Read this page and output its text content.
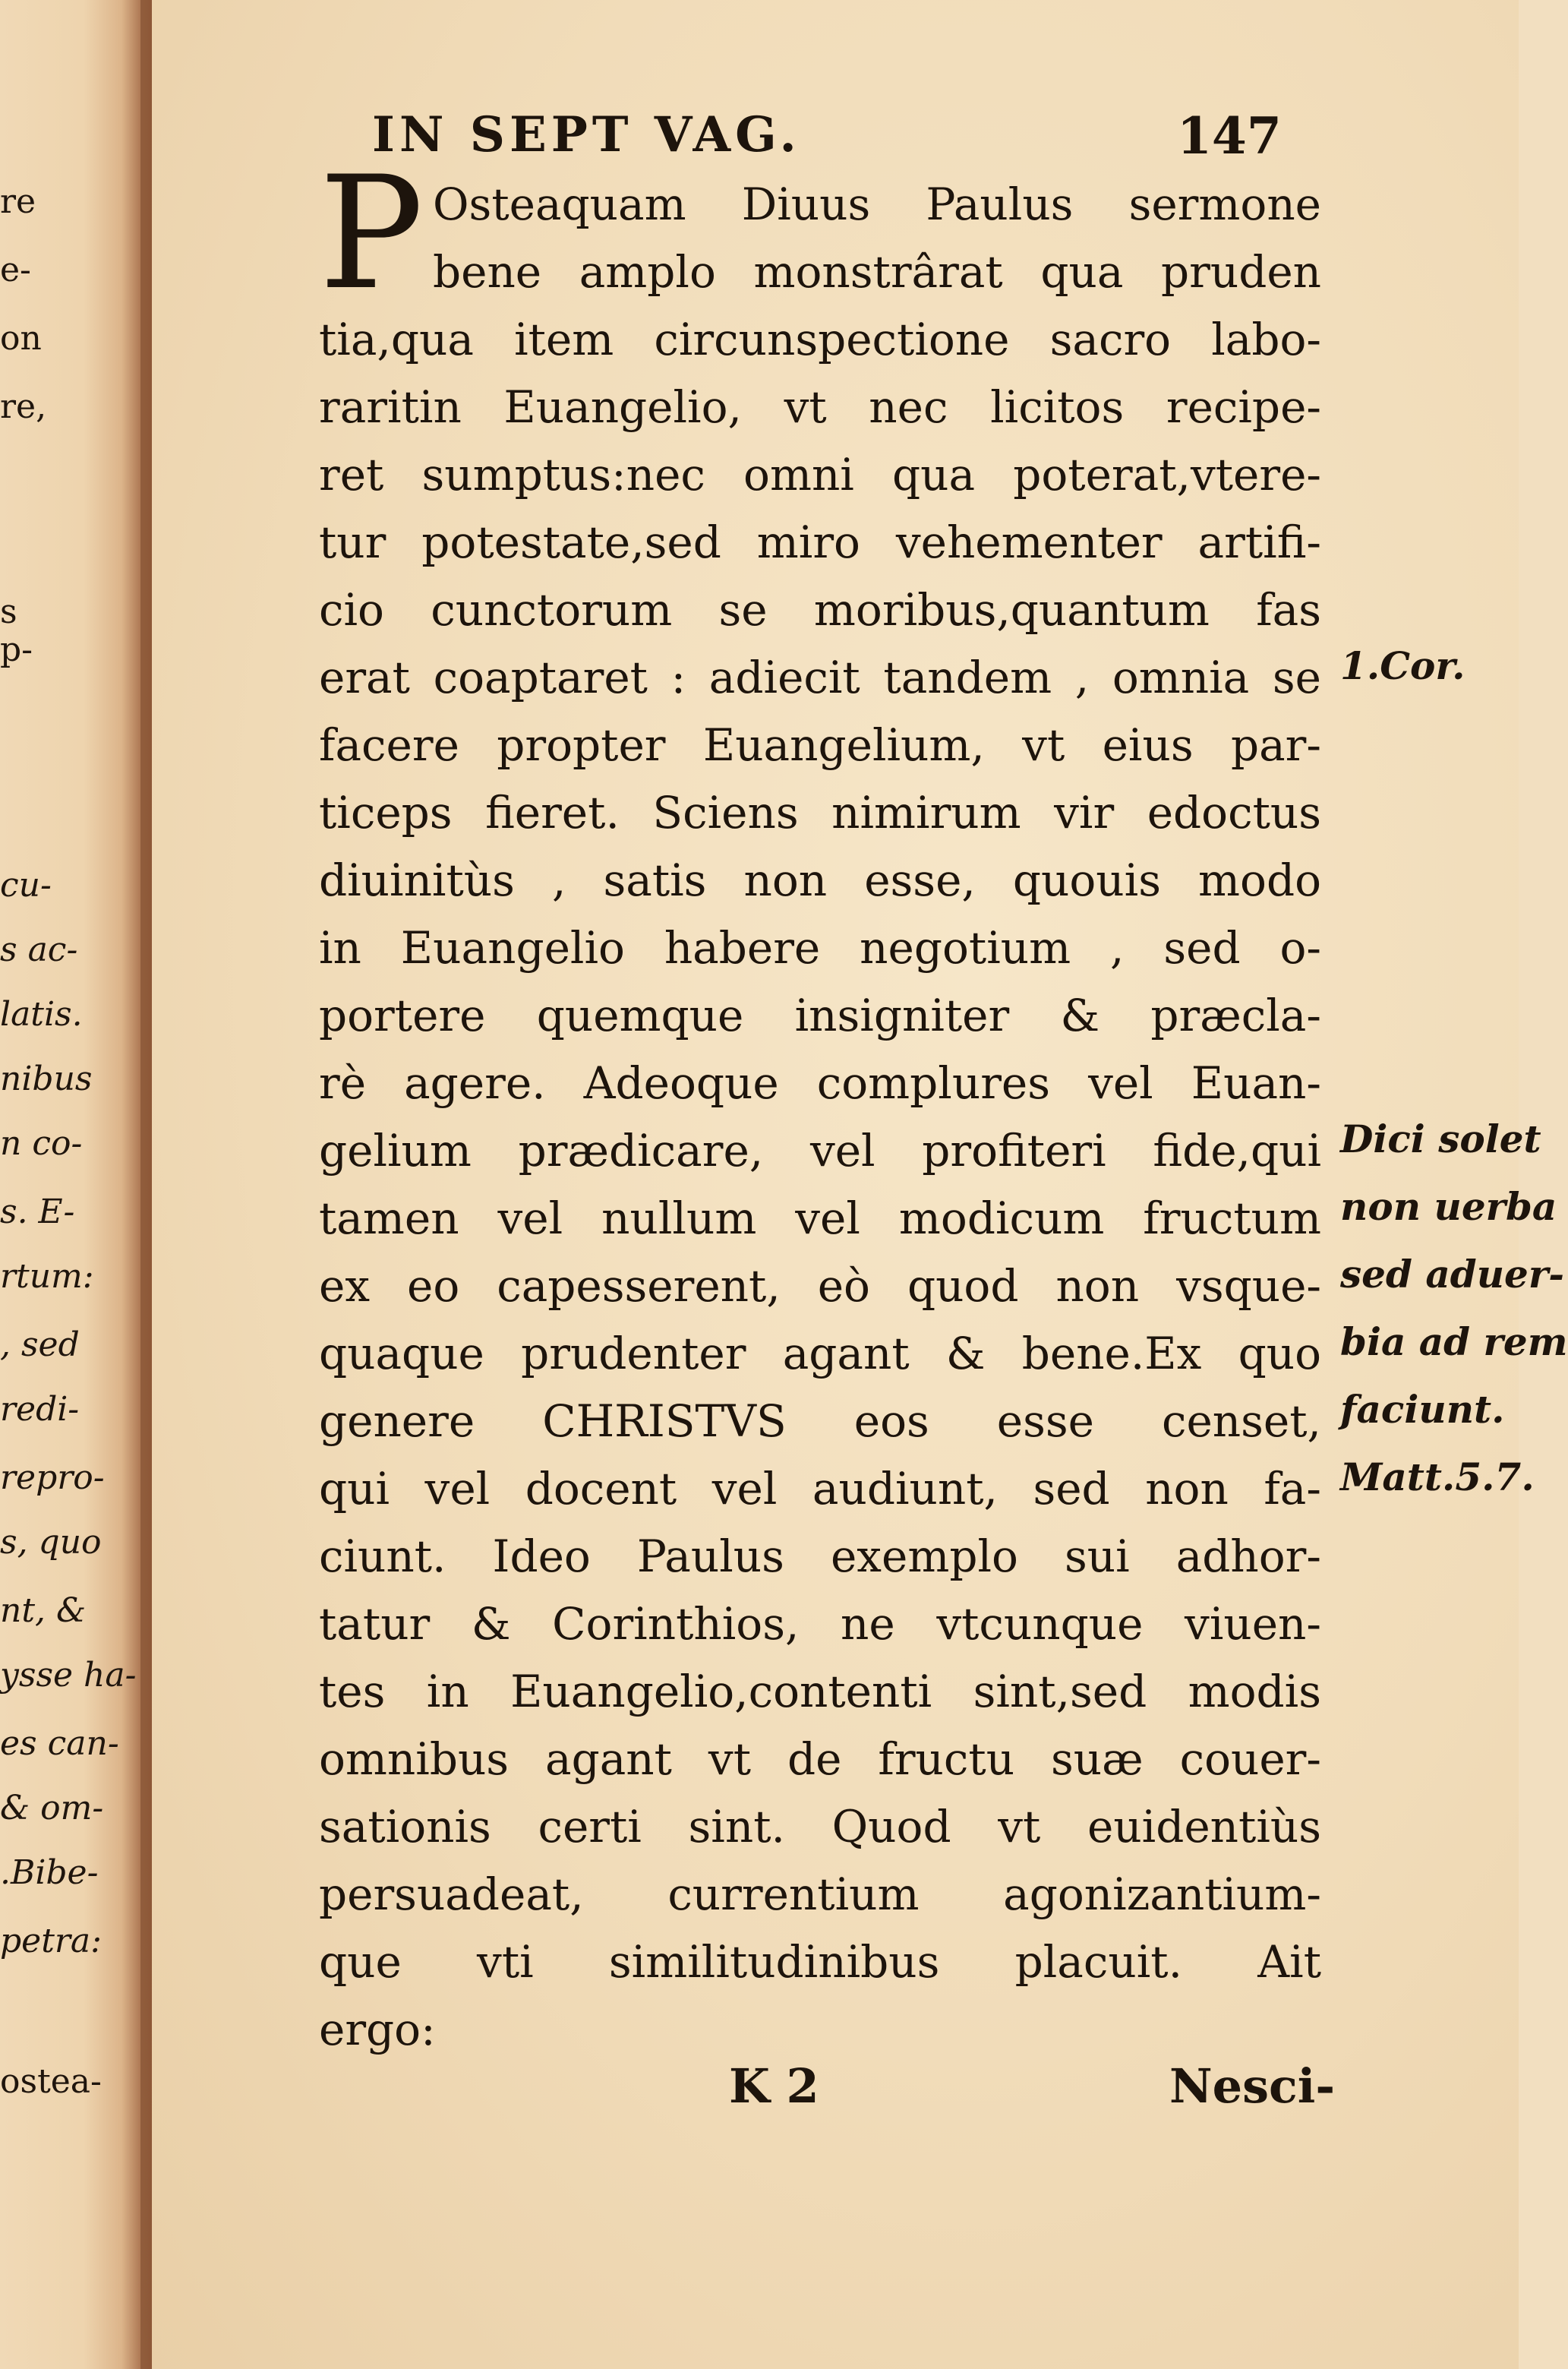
re
e-
on
re,
s
p-
cu-
s ac-
latis.
nibus
n co-
s. E-
rtum:
, sed
redi-
repro-
s, quo
nt, &
ysse ha-
es can-
& om-
.Bibe-
petra:
ostea-
IN SEPT VAG.	147
P Osteaquam Diuus Paulus sermone
bene amplo monstrârat qua pruden
tia,qua item circunspectione sacro labo-
raritin Euangelio, vt nec licitos recipe-
ret sumptus:nec omni qua poterat,vtere-
tur potestate,sed miro vehementer artifi-
cio cunctorum se moribus,quantum fas
erat coaptaret : adiecit tandem , omnia se
facere propter Euangelium, vt eius par-
ticeps fieret. Sciens nimirum vir edoctus
diuinitùs , satis non esse, quouis modo
in Euangelio habere negotium , sed o-
portere quemque insigniter & præcla-
rè agere. Adeoque complures vel Euan-
gelium prædicare, vel profiteri fide,qui
tamen vel nullum vel modicum fructum
ex eo capesserent, eò quod non vsque-
quaque prudenter agant & bene.Ex quo
genere CHRISTVS eos esse censet,
qui vel docent vel audiunt, sed non fa-
ciunt. Ideo Paulus exemplo sui adhor-
tatur & Corinthios, ne vtcunque viuen-
tes in Euangelio,contenti sint,sed modis
omnibus agant vt de fructu suæ couer-
sationis certi sint. Quod vt euidentiùs
persuadeat, currentium agonizantium-
que vti similitudinibus placuit. Ait
ergo:
1.Cor.
Dici solet
non uerba
sed aduer-
bia ad rem
faciunt.
Matt.5.7.
K 2	Nesci-
